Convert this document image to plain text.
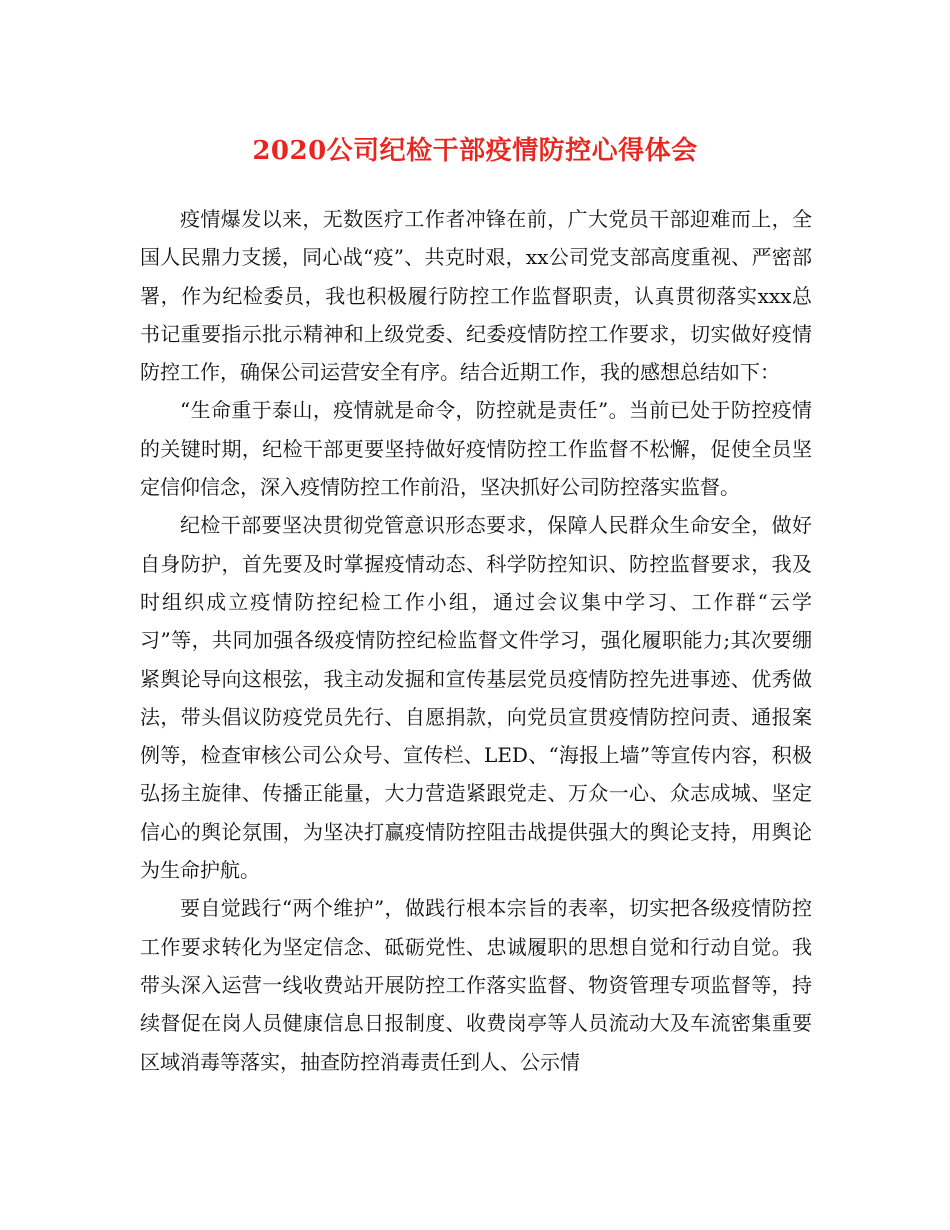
2020公司纪检干部疫情防控心得体会

疫情爆发以来，无数医疗工作者冲锋在前，广大党员干部迎难而上，全国人民鼎力支援，同心战“疫”、共克时艰，xx公司党支部高度重视、严密部署，作为纪检委员，我也积极履行防控工作监督职责，认真贯彻落实xxx总书记重要指示批示精神和上级党委、纪委疫情防控工作要求，切实做好疫情防控工作，确保公司运营安全有序。结合近期工作，我的感想总结如下：

“生命重于泰山，疫情就是命令，防控就是责任”。当前已处于防控疫情的关键时期，纪检干部更要坚持做好疫情防控工作监督不松懈，促使全员坚定信仰信念，深入疫情防控工作前沿，坚决抓好公司防控落实监督。

纪检干部要坚决贯彻党管意识形态要求，保障人民群众生命安全，做好自身防护，首先要及时掌握疫情动态、科学防控知识、防控监督要求，我及时组织成立疫情防控纪检工作小组，通过会议集中学习、工作群“云学习”等，共同加强各级疫情防控纪检监督文件学习，强化履职能力;其次要绷紧舆论导向这根弦，我主动发掘和宣传基层党员疫情防控先进事迹、优秀做法，带头倡议防疫党员先行、自愿捐款，向党员宣贯疫情防控问责、通报案例等，检查审核公司公众号、宣传栏、LED、“海报上墙”等宣传内容，积极弘扬主旋律、传播正能量，大力营造紧跟党走、万众一心、众志成城、坚定信心的舆论氛围，为坚决打赢疫情防控阻击战提供强大的舆论支持，用舆论为生命护航。

要自觉践行“两个维护”，做践行根本宗旨的表率，切实把各级疫情防控工作要求转化为坚定信念、砥砺党性、忠诚履职的思想自觉和行动自觉。我带头深入运营一线收费站开展防控工作落实监督、物资管理专项监督等，持续督促在岗人员健康信息日报制度、收费岗亭等人员流动大及车流密集重要区域消毒等落实，抽查防控消毒责任到人、公示情
